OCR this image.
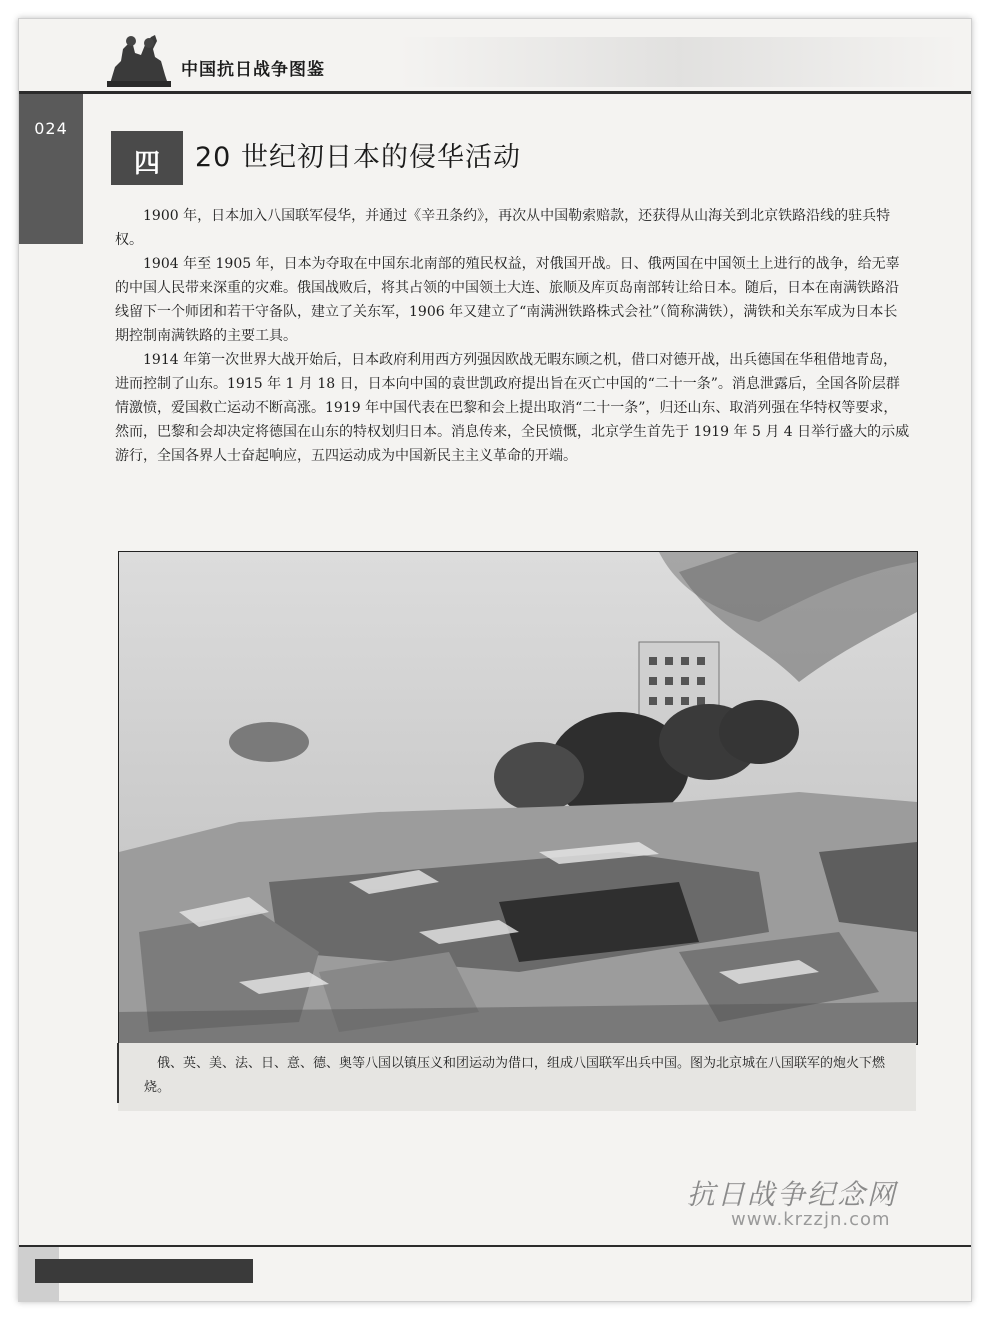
中国抗日战争图鉴
024
四	20 世纪初日本的侵华活动

1900 年，日本加入八国联军侵华，并通过《辛丑条约》，再次从中国勒索赔款，还获得从山海关到北京铁路沿线的驻兵特权。

1904 年至 1905 年，日本为夺取在中国东北南部的殖民权益，对俄国开战。日、俄两国在中国领土上进行的战争，给无辜的中国人民带来深重的灾难。俄国战败后，将其占领的中国领土大连、旅顺及库页岛南部转让给日本。随后，日本在南满铁路沿线留下一个师团和若干守备队，建立了关东军，1906 年又建立了“南满洲铁路株式会社”（简称满铁），满铁和关东军成为日本长期控制南满铁路的主要工具。

1914 年第一次世界大战开始后，日本政府利用西方列强因欧战无暇东顾之机，借口对德开战，出兵德国在华租借地青岛，进而控制了山东。1915 年 1 月 18 日，日本向中国的袁世凯政府提出旨在灭亡中国的“二十一条”。消息泄露后，全国各阶层群情激愤，爱国救亡运动不断高涨。1919 年中国代表在巴黎和会上提出取消“二十一条”，归还山东、取消列强在华特权等要求，然而，巴黎和会却决定将德国在山东的特权划归日本。消息传来，全民愤慨，北京学生首先于 1919 年 5 月 4 日举行盛大的示威游行，全国各界人士奋起响应，五四运动成为中国新民主主义革命的开端。

俄、英、美、法、日、意、德、奥等八国以镇压义和团运动为借口，组成八国联军出兵中国。图为北京城在八国联军的炮火下燃烧。
抗日战争纪念网
www.krzzjn.com
